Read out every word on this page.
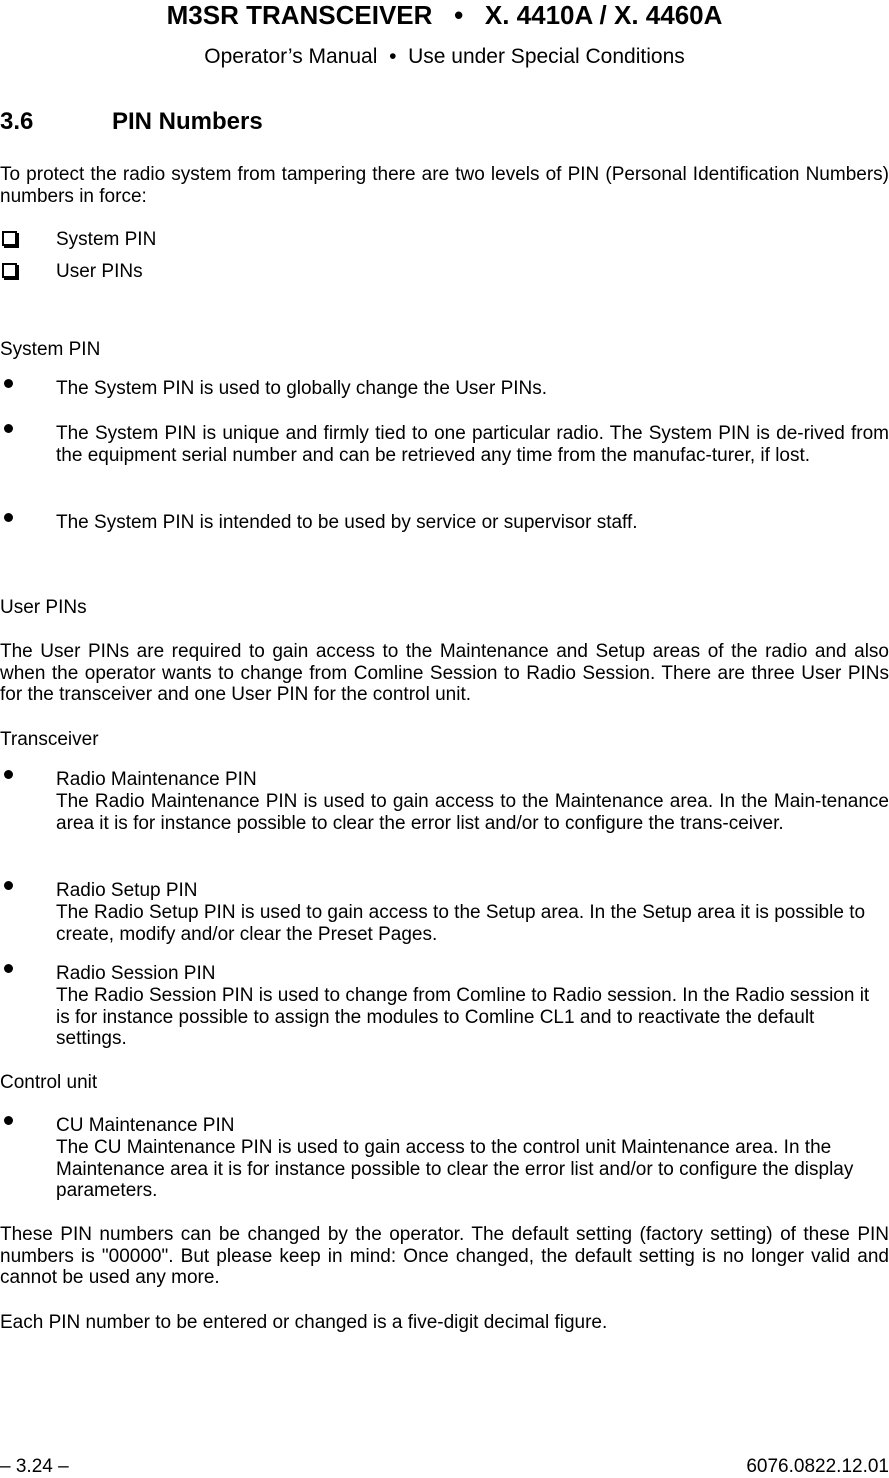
M3SR TRANSCEIVER   •   X. 4410A / X. 4460A
Operator’s Manual  •  Use under Special Conditions
3.6	PIN Numbers
To protect the radio system from tampering there are two levels of PIN (Personal Identification Numbers) numbers in force:
System PIN
User PINs
System PIN
The System PIN is used to globally change the User PINs.
The System PIN is unique and firmly tied to one particular radio. The System PIN is de-rived from the equipment serial number and can be retrieved any time from the manufac-turer, if lost.
The System PIN is intended to be used by service or supervisor staff.
User PINs
The User PINs are required to gain access to the Maintenance and Setup areas of the radio and also when the operator wants to change from Comline Session to Radio Session. There are three User PINs for the transceiver and one User PIN for the control unit.
Transceiver
Radio Maintenance PIN
The Radio Maintenance PIN is used to gain access to the Maintenance area. In the Main-tenance area it is for instance possible to clear the error list and/or to configure the trans-ceiver.
Radio Setup PIN
The Radio Setup PIN is used to gain access to the Setup area. In the Setup area it is possible to create, modify and/or clear the Preset Pages.
Radio Session PIN
The Radio Session PIN is used to change from Comline to Radio session. In the Radio session it is for instance possible to assign the modules to Comline CL1 and to reactivate the default settings.
Control unit
CU Maintenance PIN
The CU Maintenance PIN is used to gain access to the control unit Maintenance area. In the Maintenance area it is for instance possible to clear the error list and/or to configure the display parameters.
These PIN numbers can be changed by the operator. The default setting (factory setting) of these PIN numbers is "00000". But please keep in mind: Once changed, the default setting is no longer valid and cannot be used any more.
Each PIN number to be entered or changed is a five-digit decimal figure.
– 3.24 –	6076.0822.12.01
